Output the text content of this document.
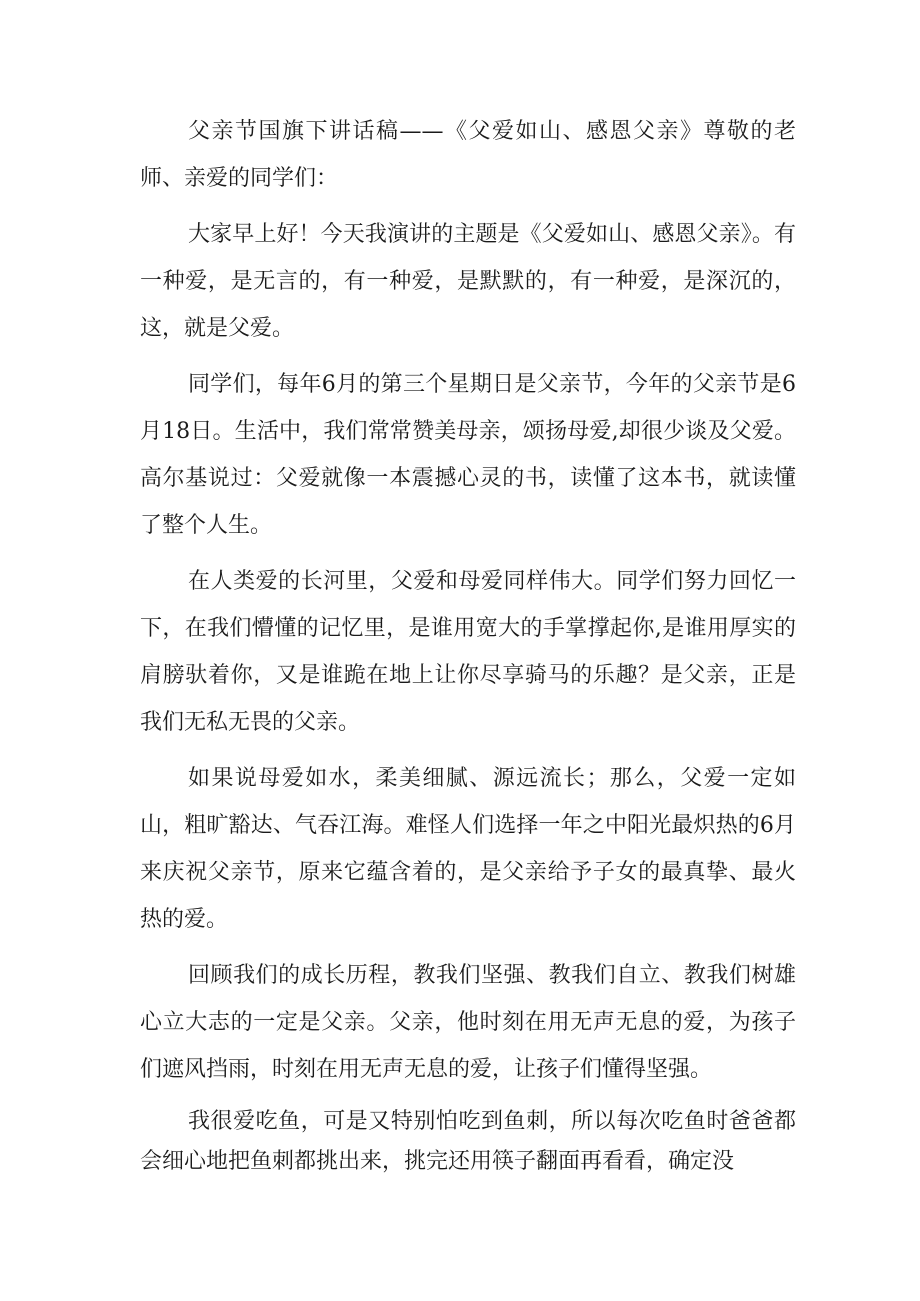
父亲节国旗下讲话稿——《父爱如山、感恩父亲》尊敬的老师、亲爱的同学们：

大家早上好！今天我演讲的主题是《父爱如山、感恩父亲》。有一种爱，是无言的，有一种爱，是默默的，有一种爱，是深沉的，这，就是父爱。

同学们，每年6月的第三个星期日是父亲节，今年的父亲节是6月18日。生活中，我们常常赞美母亲，颂扬母爱,却很少谈及父爱。高尔基说过：父爱就像一本震撼心灵的书，读懂了这本书，就读懂了整个人生。

在人类爱的长河里，父爱和母爱同样伟大。同学们努力回忆一下，在我们懵懂的记忆里，是谁用宽大的手掌撑起你,是谁用厚实的肩膀驮着你，又是谁跪在地上让你尽享骑马的乐趣？是父亲，正是我们无私无畏的父亲。

如果说母爱如水，柔美细腻、源远流长；那么，父爱一定如山，粗旷豁达、气吞江海。难怪人们选择一年之中阳光最炽热的6月来庆祝父亲节，原来它蕴含着的，是父亲给予子女的最真挚、最火热的爱。

回顾我们的成长历程，教我们坚强、教我们自立、教我们树雄心立大志的一定是父亲。父亲，他时刻在用无声无息的爱，为孩子们遮风挡雨，时刻在用无声无息的爱，让孩子们懂得坚强。

我很爱吃鱼，可是又特别怕吃到鱼刺，所以每次吃鱼时爸爸都会细心地把鱼刺都挑出来，挑完还用筷子翻面再看看，确定没
